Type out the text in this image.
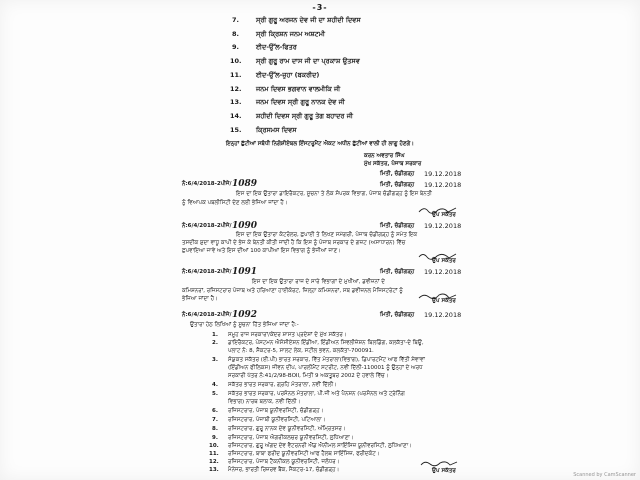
-3-
7.	ਸ੍ਰੀ ਗੁਰੂ ਅਰਜਨ ਦੇਵ ਜੀ ਦਾ ਸ਼ਹੀਦੀ ਦਿਵਸ
8.	ਸ੍ਰੀ ਕ੍ਰਿਸ਼ਨ ਜਨਮ ਅਸ਼ਟਮੀ
9.	ਈਦ-ਉੱਲ-ਫਿਤਰ
10. ਸ੍ਰੀ ਗੁਰੂ ਰਾਮ ਦਾਸ ਜੀ ਦਾ ਪ੍ਰਕਾਸ਼ ਉਤਸਵ
11. ਈਦ-ਉੱਲ-ਜ਼ੁਹਾ (ਬਕਰੀਦ)
12. ਜਨਮ ਦਿਵਸ ਭਗਵਾਨ ਵਾਲਮੀਕਿ ਜੀ
13. ਜਨਮ ਦਿਵਸ ਸ੍ਰੀ ਗੁਰੂ ਨਾਨਕ ਦੇਵ ਜੀ
14. ਸ਼ਹੀਦੀ ਦਿਵਸ ਸ੍ਰੀ ਗੁਰੂ ਤੇਗ ਬਹਾਦਰ ਜੀ
15. ਕ੍ਰਿਸਮਸ ਦਿਵਸ
ਇਨ੍ਹਾਂ ਛੁੱਟੀਆਂ ਸਬੰਧੀ ਨਿਗੋਸ਼ੀਏਬਲ ਇੰਸਟਰੂਮੈਂਟ ਐਕਟ ਅਧੀਨ ਛੁੱਟੀਆਂ ਵਾਲੀ ਹੀ ਲਾਗੂ ਹੋਣਗੇ।
ਕਰਨ ਅਵਤਾਰ ਸਿੰਘ
ਮੁੱਖ ਸਕੱਤਰ, ਪੰਜਾਬ ਸਰਕਾਰ
ਮਿਤੀ, ਚੰਡੀਗੜ੍ਹ 19.12.2018
ਨੰ:6/4/2018-2ਪੀਜੇ/ 1089	ਮਿਤੀ, ਚੰਡੀਗੜ੍ਹ 19.12.2018
ਇਸ ਦਾ ਇਕ ਉਤਾਰਾ ਡਾਇਰੈਕਟਰ, ਸੂਚਨਾ ਤੇ ਲੋਕ ਸੰਪਰਕ ਵਿਭਾਗ, ਪੰਜਾਬ ਚੰਡੀਗੜ੍ਹ ਨੂੰ ਇਸ ਬੇਨਤੀ
ਨੂੰ ਵਿਆਪਕ ਪਬਲੀਸਿਟੀ ਦੇਣ ਲਈ ਭੇਜਿਆ ਜਾਂਦਾ ਹੈ।
ਉਪ ਸਕੱਤਰ
ਨੰ:6/4/2018-2ਪੀਜੇ/ 1090	ਮਿਤੀ, ਚੰਡੀਗੜ੍ਹ 19.12.2018
ਇਸ ਦਾ ਇਕ ਉਤਾਰਾ ਕੰਟਰੋਲਰ, ਛਪਾਈ ਤੇ ਲਿਖਣ ਸਮੱਗਰੀ, ਪੰਜਾਬ ਚੰਡੀਗੜ੍ਹ ਨੂੰ ਸਮੇਤ ਇਕ
ਤਸਦੀਕ ਸ਼ੁਦਾ ਵਾਧੂ ਕਾਪੀ ਦੇ ਭੇਜ ਕੇ ਬੇਨਤੀ ਕੀਤੀ ਜਾਂਦੀ ਹੈ ਕਿ ਇਸ ਨੂੰ ਪੰਜਾਬ ਸਰਕਾਰ ਦੇ ਗਜ਼ਟ (ਅਸਾਧਾਰਨ) ਵਿੱਚ
ਛਪਵਾਇਆ ਜਾਵੇ ਅਤੇ ਇਸ ਦੀਆਂ 100 ਕਾਪੀਆਂ ਇਸ ਵਿਭਾਗ ਨੂੰ ਭੇਜੀਆਂ ਜਾਣ।
ਉਪ ਸਕੱਤਰ
ਨੰ:6/4/2018-2ਪੀਜੇ/ 1091	ਮਿਤੀ, ਚੰਡੀਗੜ੍ਹ 19.12.2018
ਇਸ ਦਾ ਇਕ ਉਤਾਰਾ ਰਾਜ ਦੇ ਸਾਰੇ ਵਿਭਾਗਾਂ ਦੇ ਮੁਖੀਆਂ, ਡਵੀਜ਼ਨਾਂ ਦੇ
ਕਮਿਸ਼ਨਰਾਂ, ਰਜਿਸਟਰਾਰ ਪੰਜਾਬ ਅਤੇ ਹਰਿਆਣਾ ਹਾਈਕੋਰਟ, ਜ਼ਿਲ੍ਹਾ ਕਮਿਸ਼ਨਰਾਂ, ਸਬ ਡਵੀਜ਼ਨਲ ਮੈਜਿਸਟਰੇਟਾਂ ਨੂੰ
ਭੇਜਿਆ ਜਾਂਦਾ ਹੈ।	ਉਪ ਸਕੱਤਰ
ਨੰ:6/4/2018-2ਪੀਜੇ/ 1092	ਮਿਤੀ, ਚੰਡੀਗੜ੍ਹ 19.12.2018
ਉਤਾਰਾ ਹੇਠ ਲਿਖਿਆਂ ਨੂੰ ਸੂਚਨਾ ਹਿੱਤ ਭੇਜਿਆ ਜਾਂਦਾ ਹੈ:-
1. ਸਮੂਹ ਰਾਜ ਸਰਕਾਰਾਂ/ਕੇਂਦਰ ਸ਼ਾਸਤ ਪ੍ਰਦੇਸ਼ਾਂ ਦੇ ਮੁੱਖ ਸਕੱਤਰ।
2. ਡਾਇਰੈਕਟਰ, ਪੋਸਟਮਨ ਐਸੋਸੀਏਸ਼ਨ ਇੰਡੀਆ, ਇੰਡੀਅਨ ਸਿਵਲੀਜ਼ੇਸ਼ਨ ਬਿਲਡਿੰਗ, ਕਲਕੱਤਾ-ਦੇ ਬਿਊ,
ਪਲਾਟ ਨੰ: 8, ਸੈਕਟਰ-5, ਸਾਲਟ ਲੇਕ, ਸਟੀਲ ਭਵਨ, ਕਲਕੱਤਾ-700091.
3. ਸੰਯੁਕਤ ਸਕੱਤਰ (ਈ.ਪੀ) ਭਾਰਤ ਸਰਕਾਰ, ਵਿੱਤ ਮੰਤਰਾਲਾ(ਵਿਭਾਗ), ਡਿਪਾਰਟਮੈਂਟ ਆਫ ਵਿੱਤੀ ਸੇਵਾਵਾਂ
(ਇੰਡੀਅਨ ਫੀਲਿਕਸ) ਜੀਵਨ ਦੀਪ, ਪਾਰਲੀਮੈਂਟ ਸਟਰੀਟ, ਨਵੀਂ ਦਿੱਲੀ-110001 ਨੂੰ ਉਨ੍ਹਾਂ ਦੇ ਅਰਧ
ਸਰਕਾਰੀ ਪੱਤਰ ਨੰ:41/2/98-BOII, ਮਿਤੀ 9 ਅਕਤੂਬਰ 2002 ਦੇ ਹਵਾਲੇ ਵਿੱਚ।
4. ਸਕੱਤਰ ਭਾਰਤ ਸਰਕਾਰ, ਗ੍ਰਹਿ ਮੰਤਰਾਲਾ, ਨਵੀਂ ਦਿੱਲੀ।
5. ਸਕੱਤਰ ਭਾਰਤ ਸਰਕਾਰ, ਪਰਸੋਨਲ ਮੰਤਰਾਲਾ, ਪੀ.ਜੀ ਅਤੇ ਪੈਨਸ਼ਨ (ਪਰਸੋਨਲ ਅਤੇ ਟ੍ਰੇਨਿੰਗ
ਵਿਭਾਗ) ਨਾਰਥ ਬਲਾਕ, ਨਵੀਂ ਦਿੱਲੀ।
6. ਰਜਿਸਟਰਾਰ, ਪੰਜਾਬ ਯੂਨੀਵਰਸਿਟੀ, ਚੰਡੀਗੜ੍ਹ।
7. ਰਜਿਸਟਰਾਰ, ਪੰਜਾਬੀ ਯੂਨੀਵਰਸਿਟੀ, ਪਟਿਆਲਾ।
8. ਰਜਿਸਟਰਾਰ, ਗੁਰੂ ਨਾਨਕ ਦੇਵ ਯੂਨੀਵਰਸਿਟੀ, ਅੰਮ੍ਰਿਤਸਰ।
9. ਰਜਿਸਟਰਾਰ, ਪੰਜਾਬ ਐਗਰੀਕਲਚਰ ਯੂਨੀਵਰਸਿਟੀ, ਲੁਧਿਆਣਾ।
10. ਰਜਿਸਟਰਾਰ, ਗੁਰੂ ਅੰਗਦ ਦੇਵ ਵੈਟਰਨਰੀ ਐਂਡ ਐਨੀਮਲ ਸਾਇੰਸਿਜ਼ ਯੂਨੀਵਰਸਿਟੀ, ਲੁਧਿਆਣਾ।
11. ਰਜਿਸਟਰਾਰ, ਬਾਬਾ ਫਰੀਦ ਯੂਨੀਵਰਸਿਟੀ ਆਫ ਹੈਲਥ ਸਾਇੰਸਿਜ਼, ਫਰੀਦਕੋਟ।
12. ਰਜਿਸਟਰਾਰ, ਪੰਜਾਬ ਟੈਕਨੀਕਲ ਯੂਨੀਵਰਸਿਟੀ, ਜਲੰਧਰ।
13. ਮੈਨੇਜਰ, ਭਾਰਤੀ ਰਿਜ਼ਰਵ ਬੈਂਕ, ਸੈਕਟਰ-17, ਚੰਡੀਗੜ੍ਹ।	ਉਪ ਸਕੱਤਰ
Scanned by CamScanner
